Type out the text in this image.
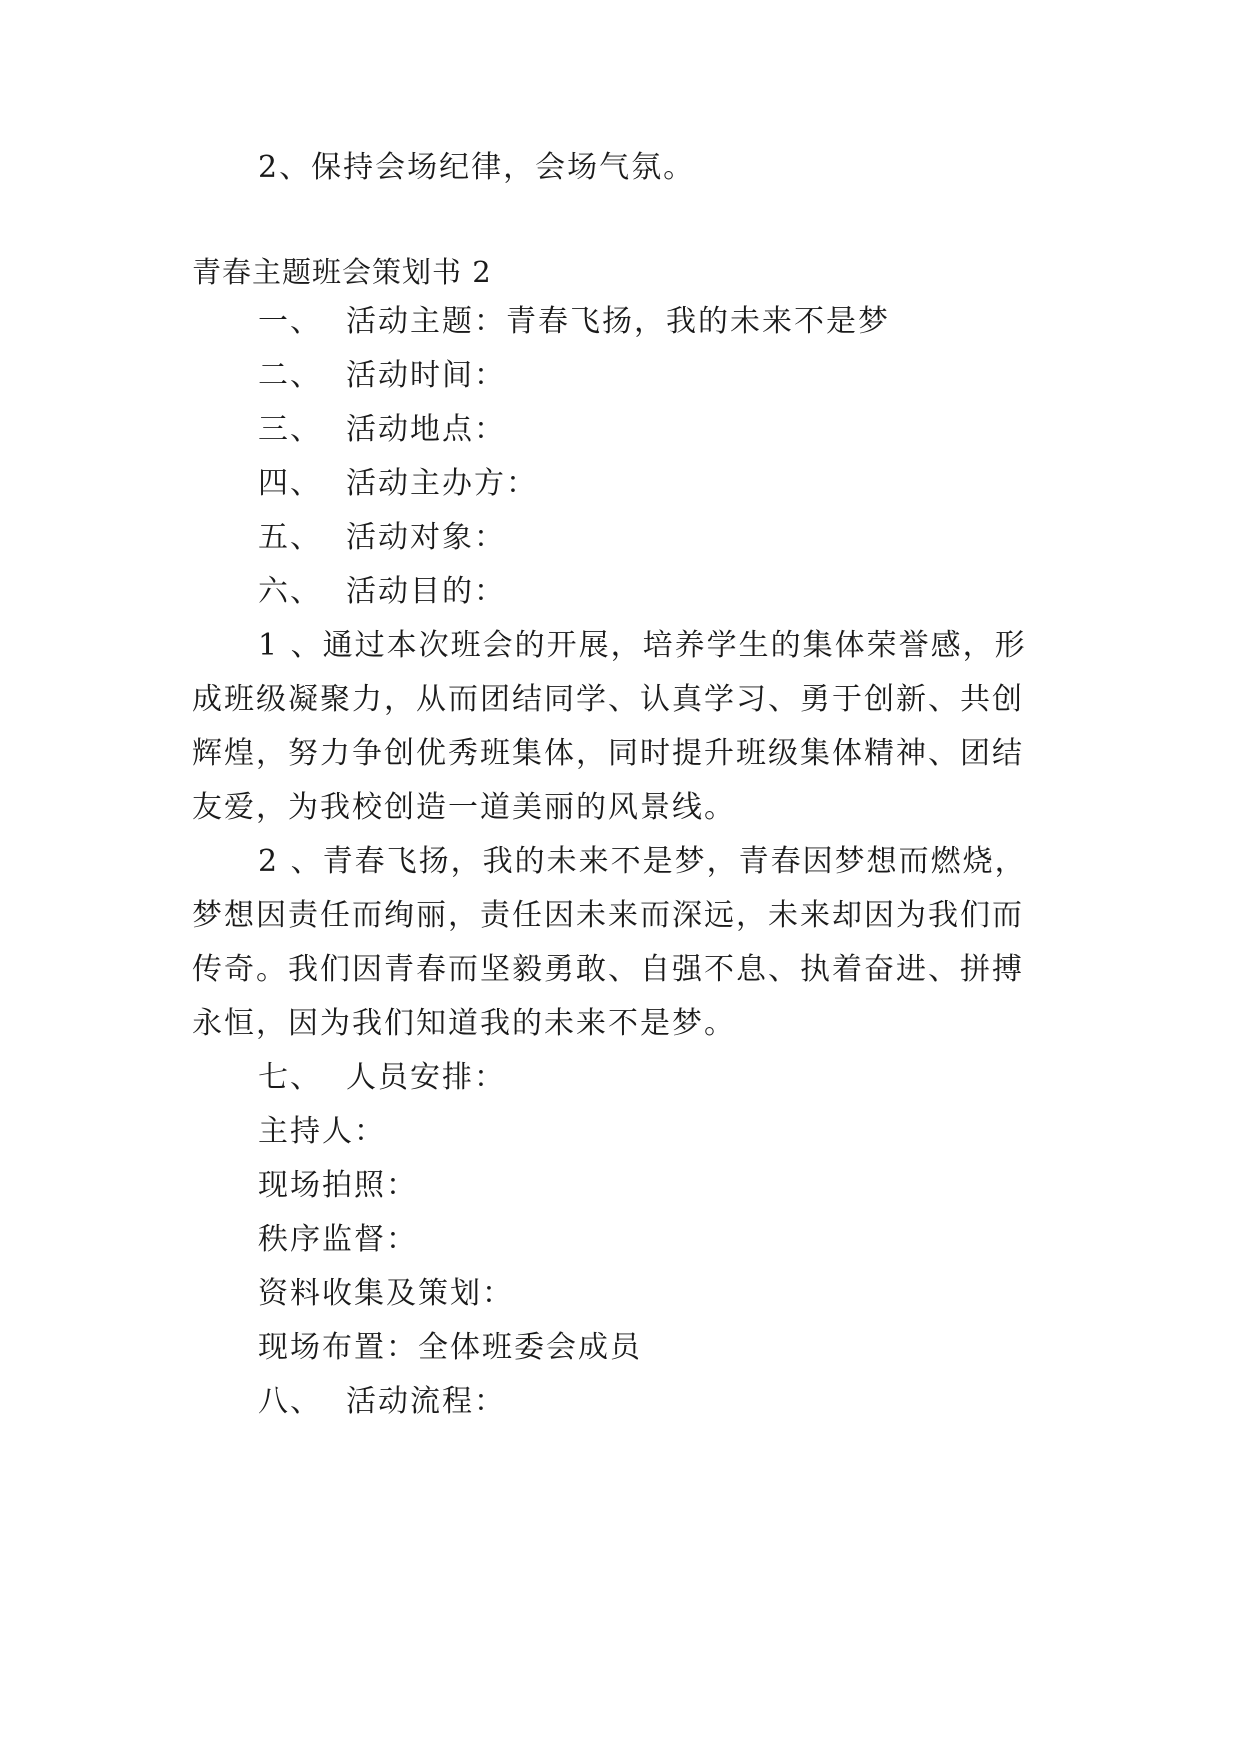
2、保持会场纪律，会场气氛。
青春主题班会策划书 2
一、 活动主题：青春飞扬，我的未来不是梦
二、 活动时间：
三、 活动地点：
四、 活动主办方：
五、 活动对象：
六、 活动目的：
1 、通过本次班会的开展，培养学生的集体荣誉感，形
成班级凝聚力，从而团结同学、认真学习、勇于创新、共创
辉煌，努力争创优秀班集体，同时提升班级集体精神、团结
友爱，为我校创造一道美丽的风景线。
2 、青春飞扬，我的未来不是梦，青春因梦想而燃烧，
梦想因责任而绚丽，责任因未来而深远，未来却因为我们而
传奇。我们因青春而坚毅勇敢、自强不息、执着奋进、拼搏
永恒，因为我们知道我的未来不是梦。
七、 人员安排：
主持人：
现场拍照：
秩序监督：
资料收集及策划：
现场布置：全体班委会成员
八、 活动流程：
